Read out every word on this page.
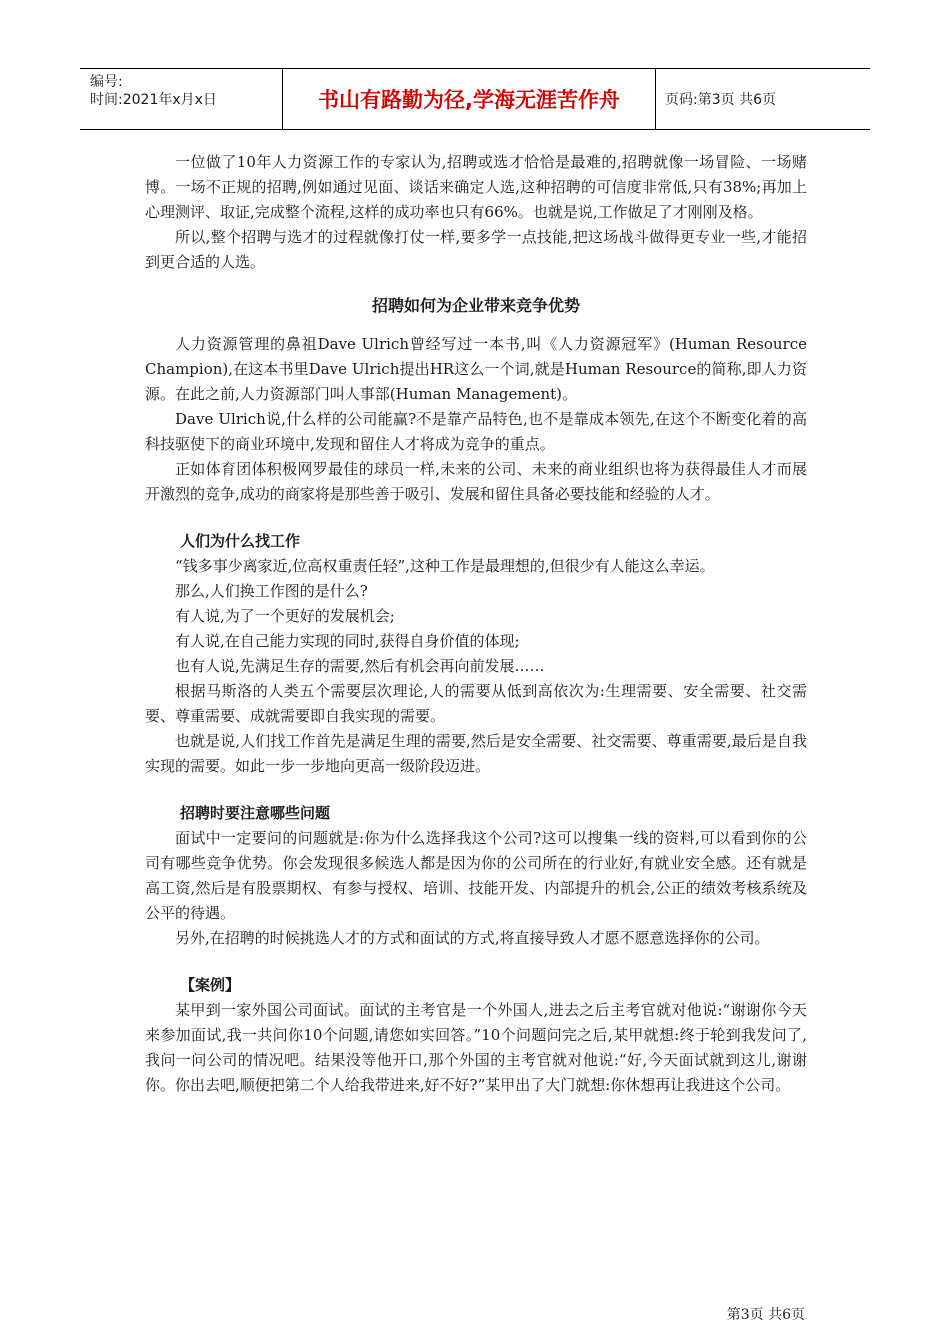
编号:
时间:2021年x月x日	书山有路勤为径,学海无涯苦作舟	页码:第3页 共6页

一位做了10年人力资源工作的专家认为,招聘或选才恰恰是最难的,招聘就像一场冒险、一场赌博。一场不正规的招聘,例如通过见面、谈话来确定人选,这种招聘的可信度非常低,只有38%;再加上心理测评、取证,完成整个流程,这样的成功率也只有66%。也就是说,工作做足了才刚刚及格。

所以,整个招聘与选才的过程就像打仗一样,要多学一点技能,把这场战斗做得更专业一些,才能招到更合适的人选。

招聘如何为企业带来竞争优势

人力资源管理的鼻祖Dave Ulrich曾经写过一本书,叫《人力资源冠军》(Human Resource Champion),在这本书里Dave Ulrich提出HR这么一个词,就是Human Resource的简称,即人力资源。在此之前,人力资源部门叫人事部(Human Management)。

Dave Ulrich说,什么样的公司能赢?不是靠产品特色,也不是靠成本领先,在这个不断变化着的高科技驱使下的商业环境中,发现和留住人才将成为竞争的重点。

正如体育团体积极网罗最佳的球员一样,未来的公司、未来的商业组织也将为获得最佳人才而展开激烈的竞争,成功的商家将是那些善于吸引、发展和留住具备必要技能和经验的人才。

人们为什么找工作

“钱多事少离家近,位高权重责任轻”,这种工作是最理想的,但很少有人能这么幸运。

那么,人们换工作图的是什么?

有人说,为了一个更好的发展机会;

有人说,在自己能力实现的同时,获得自身价值的体现;

也有人说,先满足生存的需要,然后有机会再向前发展……

根据马斯洛的人类五个需要层次理论,人的需要从低到高依次为:生理需要、安全需要、社交需要、尊重需要、成就需要即自我实现的需要。

也就是说,人们找工作首先是满足生理的需要,然后是安全需要、社交需要、尊重需要,最后是自我实现的需要。如此一步一步地向更高一级阶段迈进。

招聘时要注意哪些问题

面试中一定要问的问题就是:你为什么选择我这个公司?这可以搜集一线的资料,可以看到你的公司有哪些竞争优势。你会发现很多候选人都是因为你的公司所在的行业好,有就业安全感。还有就是高工资,然后是有股票期权、有参与授权、培训、技能开发、内部提升的机会,公正的绩效考核系统及公平的待遇。

另外,在招聘的时候挑选人才的方式和面试的方式,将直接导致人才愿不愿意选择你的公司。

【案例】

某甲到一家外国公司面试。面试的主考官是一个外国人,进去之后主考官就对他说:“谢谢你今天来参加面试,我一共问你10个问题,请您如实回答。”10个问题问完之后,某甲就想:终于轮到我发问了,我问一问公司的情况吧。结果没等他开口,那个外国的主考官就对他说:“好,今天面试就到这儿,谢谢你。你出去吧,顺便把第二个人给我带进来,好不好?”某甲出了大门就想:你休想再让我进这个公司。

第3页 共6页
